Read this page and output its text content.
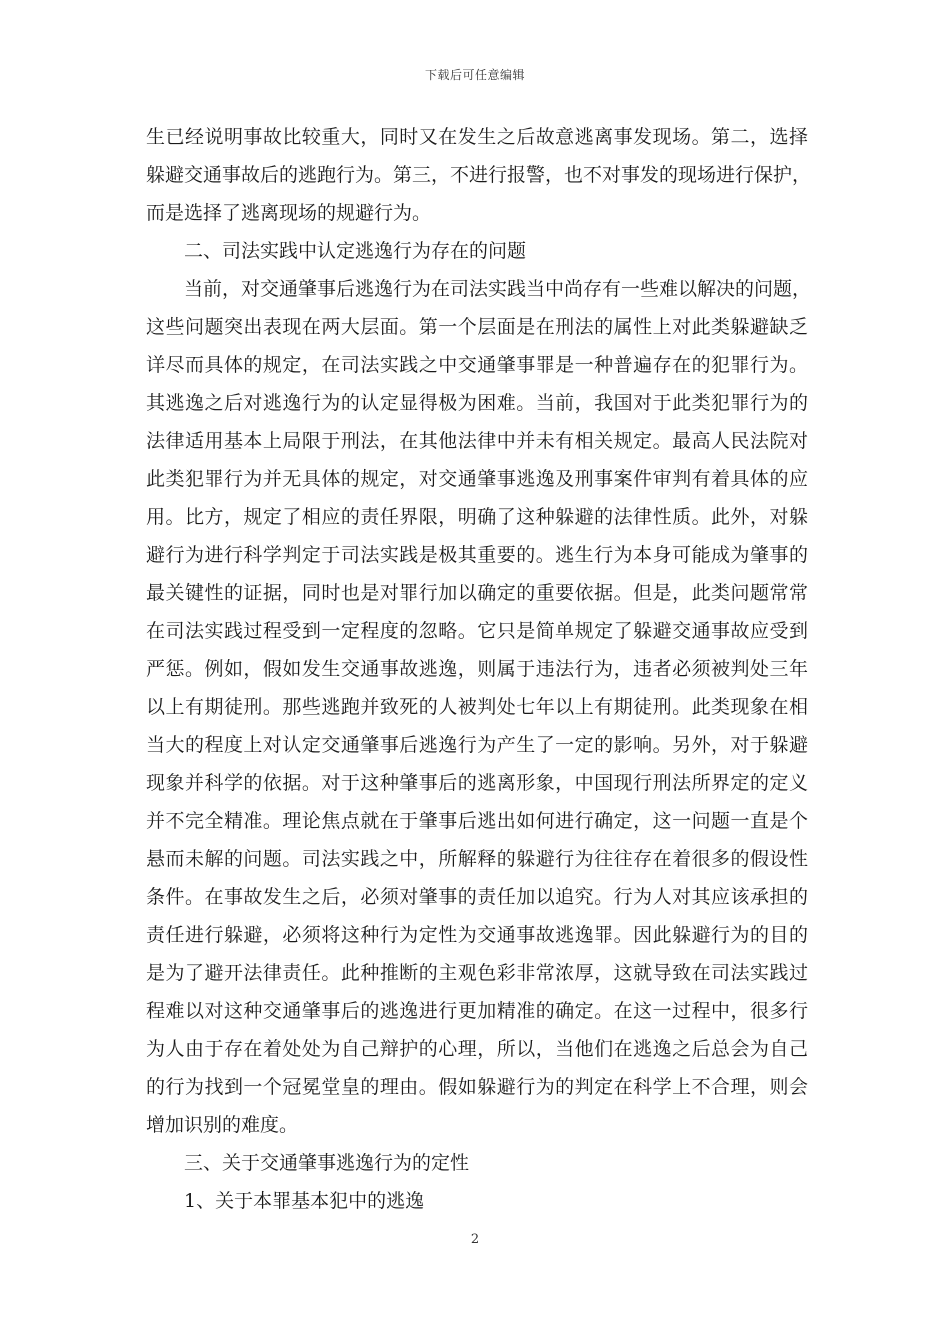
下载后可任意编辑
生已经说明事故比较重大，同时又在发生之后故意逃离事发现场。第二，选择
躲避交通事故后的逃跑行为。第三，不进行报警，也不对事发的现场进行保护，
而是选择了逃离现场的规避行为。
二、司法实践中认定逃逸行为存在的问题
当前，对交通肇事后逃逸行为在司法实践当中尚存有一些难以解决的问题，
这些问题突出表现在两大层面。第一个层面是在刑法的属性上对此类躲避缺乏
详尽而具体的规定，在司法实践之中交通肇事罪是一种普遍存在的犯罪行为。
其逃逸之后对逃逸行为的认定显得极为困难。当前，我国对于此类犯罪行为的
法律适用基本上局限于刑法，在其他法律中并未有相关规定。最高人民法院对
此类犯罪行为并无具体的规定，对交通肇事逃逸及刑事案件审判有着具体的应
用。比方，规定了相应的责任界限，明确了这种躲避的法律性质。此外，对躲
避行为进行科学判定于司法实践是极其重要的。逃生行为本身可能成为肇事的
最关键性的证据，同时也是对罪行加以确定的重要依据。但是，此类问题常常
在司法实践过程受到一定程度的忽略。它只是简单规定了躲避交通事故应受到
严惩。例如，假如发生交通事故逃逸，则属于违法行为，违者必须被判处三年
以上有期徒刑。那些逃跑并致死的人被判处七年以上有期徒刑。此类现象在相
当大的程度上对认定交通肇事后逃逸行为产生了一定的影响。另外，对于躲避
现象并科学的依据。对于这种肇事后的逃离形象，中国现行刑法所界定的定义
并不完全精准。理论焦点就在于肇事后逃出如何进行确定，这一问题一直是个
悬而未解的问题。司法实践之中，所解释的躲避行为往往存在着很多的假设性
条件。在事故发生之后，必须对肇事的责任加以追究。行为人对其应该承担的
责任进行躲避，必须将这种行为定性为交通事故逃逸罪。因此躲避行为的目的
是为了避开法律责任。此种推断的主观色彩非常浓厚，这就导致在司法实践过
程难以对这种交通肇事后的逃逸进行更加精准的确定。在这一过程中，很多行
为人由于存在着处处为自己辩护的心理，所以，当他们在逃逸之后总会为自己
的行为找到一个冠冕堂皇的理由。假如躲避行为的判定在科学上不合理，则会
增加识别的难度。
三、关于交通肇事逃逸行为的定性
1、关于本罪基本犯中的逃逸
2
